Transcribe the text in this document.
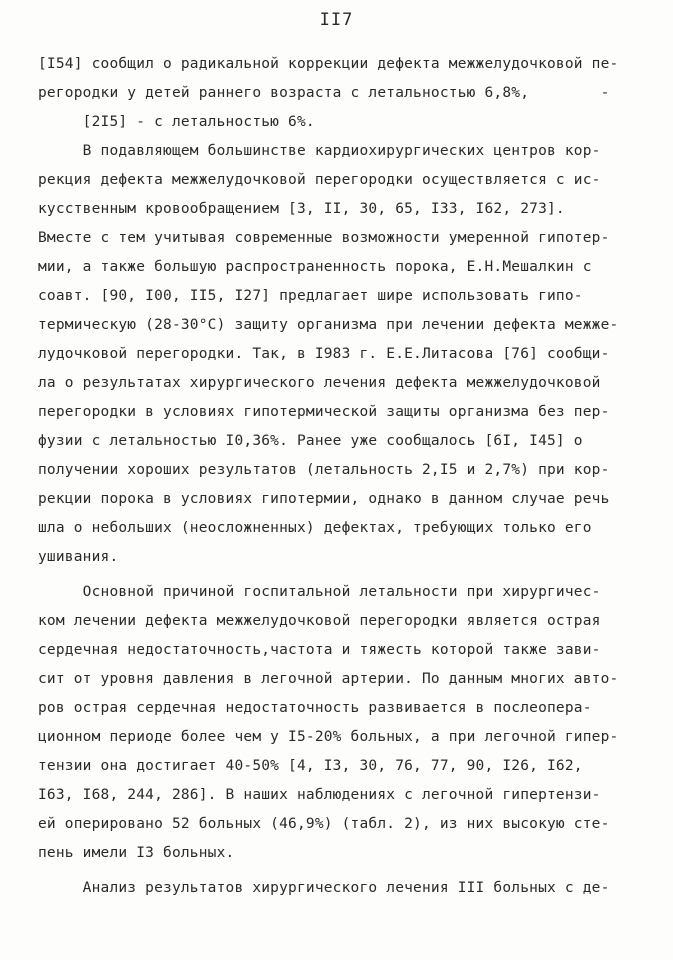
II7
[I54] сообщил о радикальной коррекции дефекта межжелудочковой пе-
регородки у детей раннего возраста с летальностью 6,8%,        -
[2I5] - с летальностью 6%.
В подавляющем большинстве кардиохирургических центров кор-
рекция дефекта межжелудочковой перегородки осуществляется с ис-
кусственным кровообращением [3, II, 30, 65, I33, I62, 273].
Вместе с тем учитывая современные возможности умеренной гипотер-
мии, а также большую распространенность порока, Е.Н.Мешалкин с
соавт. [90, I00, II5, I27] предлагает шире использовать гипо-
термическую (28-30°С) защиту организма при лечении дефекта межже-
лудочковой перегородки. Так, в I983 г. Е.Е.Литасова [76] сообщи-
ла о результатах хирургического лечения дефекта межжелудочковой
перегородки в условиях гипотермической защиты организма без пер-
фузии с летальностью I0,36%. Ранее уже сообщалось [6I, I45] о
получении хороших результатов (летальность 2,I5 и 2,7%) при кор-
рекции порока в условиях гипотермии, однако в данном случае речь
шла о небольших (неосложненных) дефектах, требующих только его
ушивания.
Основной причиной госпитальной летальности при хирургичес-
ком лечении дефекта межжелудочковой перегородки является острая
сердечная недостаточность,частота и тяжесть которой также зави-
сит от уровня давления в легочной артерии. По данным многих авто-
ров острая сердечная недостаточность развивается в послеопера-
ционном периоде более чем у I5-20% больных, а при легочной гипер-
тензии она достигает 40-50% [4, I3, 30, 76, 77, 90, I26, I62,
I63, I68, 244, 286]. В наших наблюдениях с легочной гипертензи-
ей оперировано 52 больных (46,9%) (табл. 2), из них высокую сте-
пень имели I3 больных.
Анализ результатов хирургического лечения III больных с де-
